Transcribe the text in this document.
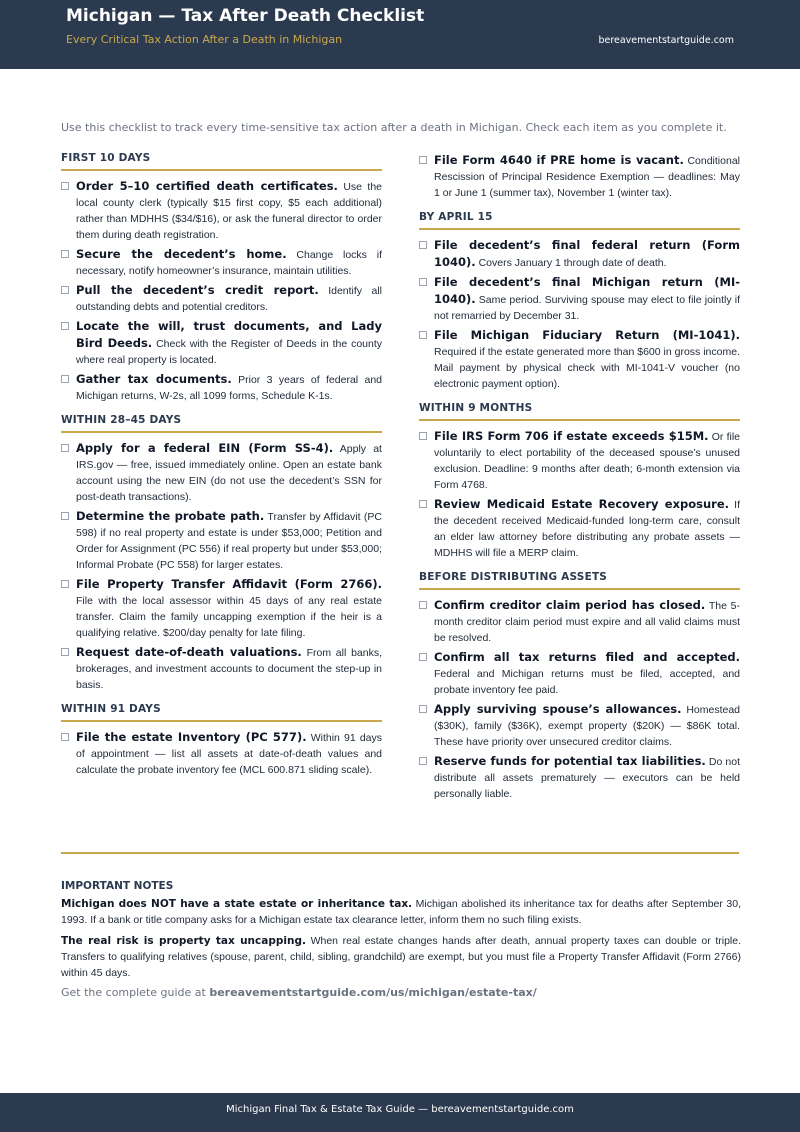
Michigan — Tax After Death Checklist
Every Critical Tax Action After a Death in Michigan	bereavementstartguide.com
Use this checklist to track every time-sensitive tax action after a death in Michigan. Check each item as you complete it.
FIRST 10 DAYS
Order 5–10 certified death certificates. Use the local county clerk (typically $15 first copy, $5 each additional) rather than MDHHS ($34/$16), or ask the funeral director to order them during death registration.
Secure the decedent’s home. Change locks if necessary, notify homeowner’s insurance, maintain utilities.
Pull the decedent’s credit report. Identify all outstanding debts and potential creditors.
Locate the will, trust documents, and Lady Bird Deeds. Check with the Register of Deeds in the county where real property is located.
Gather tax documents. Prior 3 years of federal and Michigan returns, W-2s, all 1099 forms, Schedule K-1s.
WITHIN 28–45 DAYS
Apply for a federal EIN (Form SS-4). Apply at IRS.gov — free, issued immediately online. Open an estate bank account using the new EIN (do not use the decedent’s SSN for post-death transactions).
Determine the probate path. Transfer by Affidavit (PC 598) if no real property and estate is under $53,000; Petition and Order for Assignment (PC 556) if real property but under $53,000; Informal Probate (PC 558) for larger estates.
File Property Transfer Affidavit (Form 2766). File with the local assessor within 45 days of any real estate transfer. Claim the family uncapping exemption if the heir is a qualifying relative. $200/day penalty for late filing.
Request date-of-death valuations. From all banks, brokerages, and investment accounts to document the step-up in basis.
WITHIN 91 DAYS
File the estate Inventory (PC 577). Within 91 days of appointment — list all assets at date-of-death values and calculate the probate inventory fee (MCL 600.871 sliding scale).
File Form 4640 if PRE home is vacant. Conditional Rescission of Principal Residence Exemption — deadlines: May 1 or June 1 (summer tax), November 1 (winter tax).
BY APRIL 15
File decedent’s final federal return (Form 1040). Covers January 1 through date of death.
File decedent’s final Michigan return (MI-1040). Same period. Surviving spouse may elect to file jointly if not remarried by December 31.
File Michigan Fiduciary Return (MI-1041). Required if the estate generated more than $600 in gross income. Mail payment by physical check with MI-1041-V voucher (no electronic payment option).
WITHIN 9 MONTHS
File IRS Form 706 if estate exceeds $15M. Or file voluntarily to elect portability of the deceased spouse’s unused exclusion. Deadline: 9 months after death; 6-month extension via Form 4768.
Review Medicaid Estate Recovery exposure. If the decedent received Medicaid-funded long-term care, consult an elder law attorney before distributing any probate assets — MDHHS will file a MERP claim.
BEFORE DISTRIBUTING ASSETS
Confirm creditor claim period has closed. The 5-month creditor claim period must expire and all valid claims must be resolved.
Confirm all tax returns filed and accepted. Federal and Michigan returns must be filed, accepted, and probate inventory fee paid.
Apply surviving spouse’s allowances. Homestead ($30K), family ($36K), exempt property ($20K) — $86K total. These have priority over unsecured creditor claims.
Reserve funds for potential tax liabilities. Do not distribute all assets prematurely — executors can be held personally liable.
IMPORTANT NOTES

Michigan does NOT have a state estate or inheritance tax. Michigan abolished its inheritance tax for deaths after September 30, 1993. If a bank or title company asks for a Michigan estate tax clearance letter, inform them no such filing exists.

The real risk is property tax uncapping. When real estate changes hands after death, annual property taxes can double or triple. Transfers to qualifying relatives (spouse, parent, child, sibling, grandchild) are exempt, but you must file a Property Transfer Affidavit (Form 2766) within 45 days.

Get the complete guide at bereavementstartguide.com/us/michigan/estate-tax/
Michigan Final Tax & Estate Tax Guide — bereavementstartguide.com
